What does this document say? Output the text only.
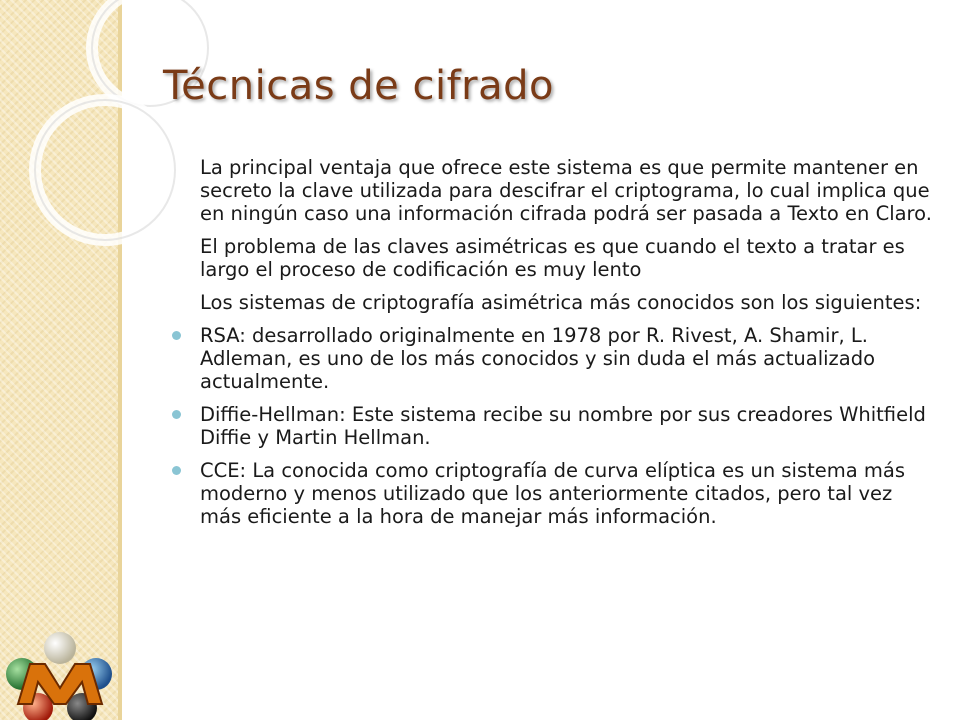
Técnicas de cifrado

La principal ventaja que ofrece este sistema es que permite mantener en secreto la clave utilizada para descifrar el criptograma, lo cual implica que en ningún caso una información cifrada podrá ser pasada a Texto en Claro.

El problema de las claves asimétricas es que cuando el texto a tratar es largo el proceso de codificación es muy lento

Los sistemas de criptografía asimétrica más conocidos son los siguientes:

RSA: desarrollado originalmente en 1978 por R. Rivest, A. Shamir, L. Adleman, es uno de los más conocidos y sin duda el más actualizado actualmente.
Diffie-Hellman: Este sistema recibe su nombre por sus creadores Whitfield Diffie y Martin Hellman.
CCE: La conocida como criptografía de curva elíptica es un sistema más moderno y menos utilizado que los anteriormente citados, pero tal vez más eficiente a la hora de manejar más información.
